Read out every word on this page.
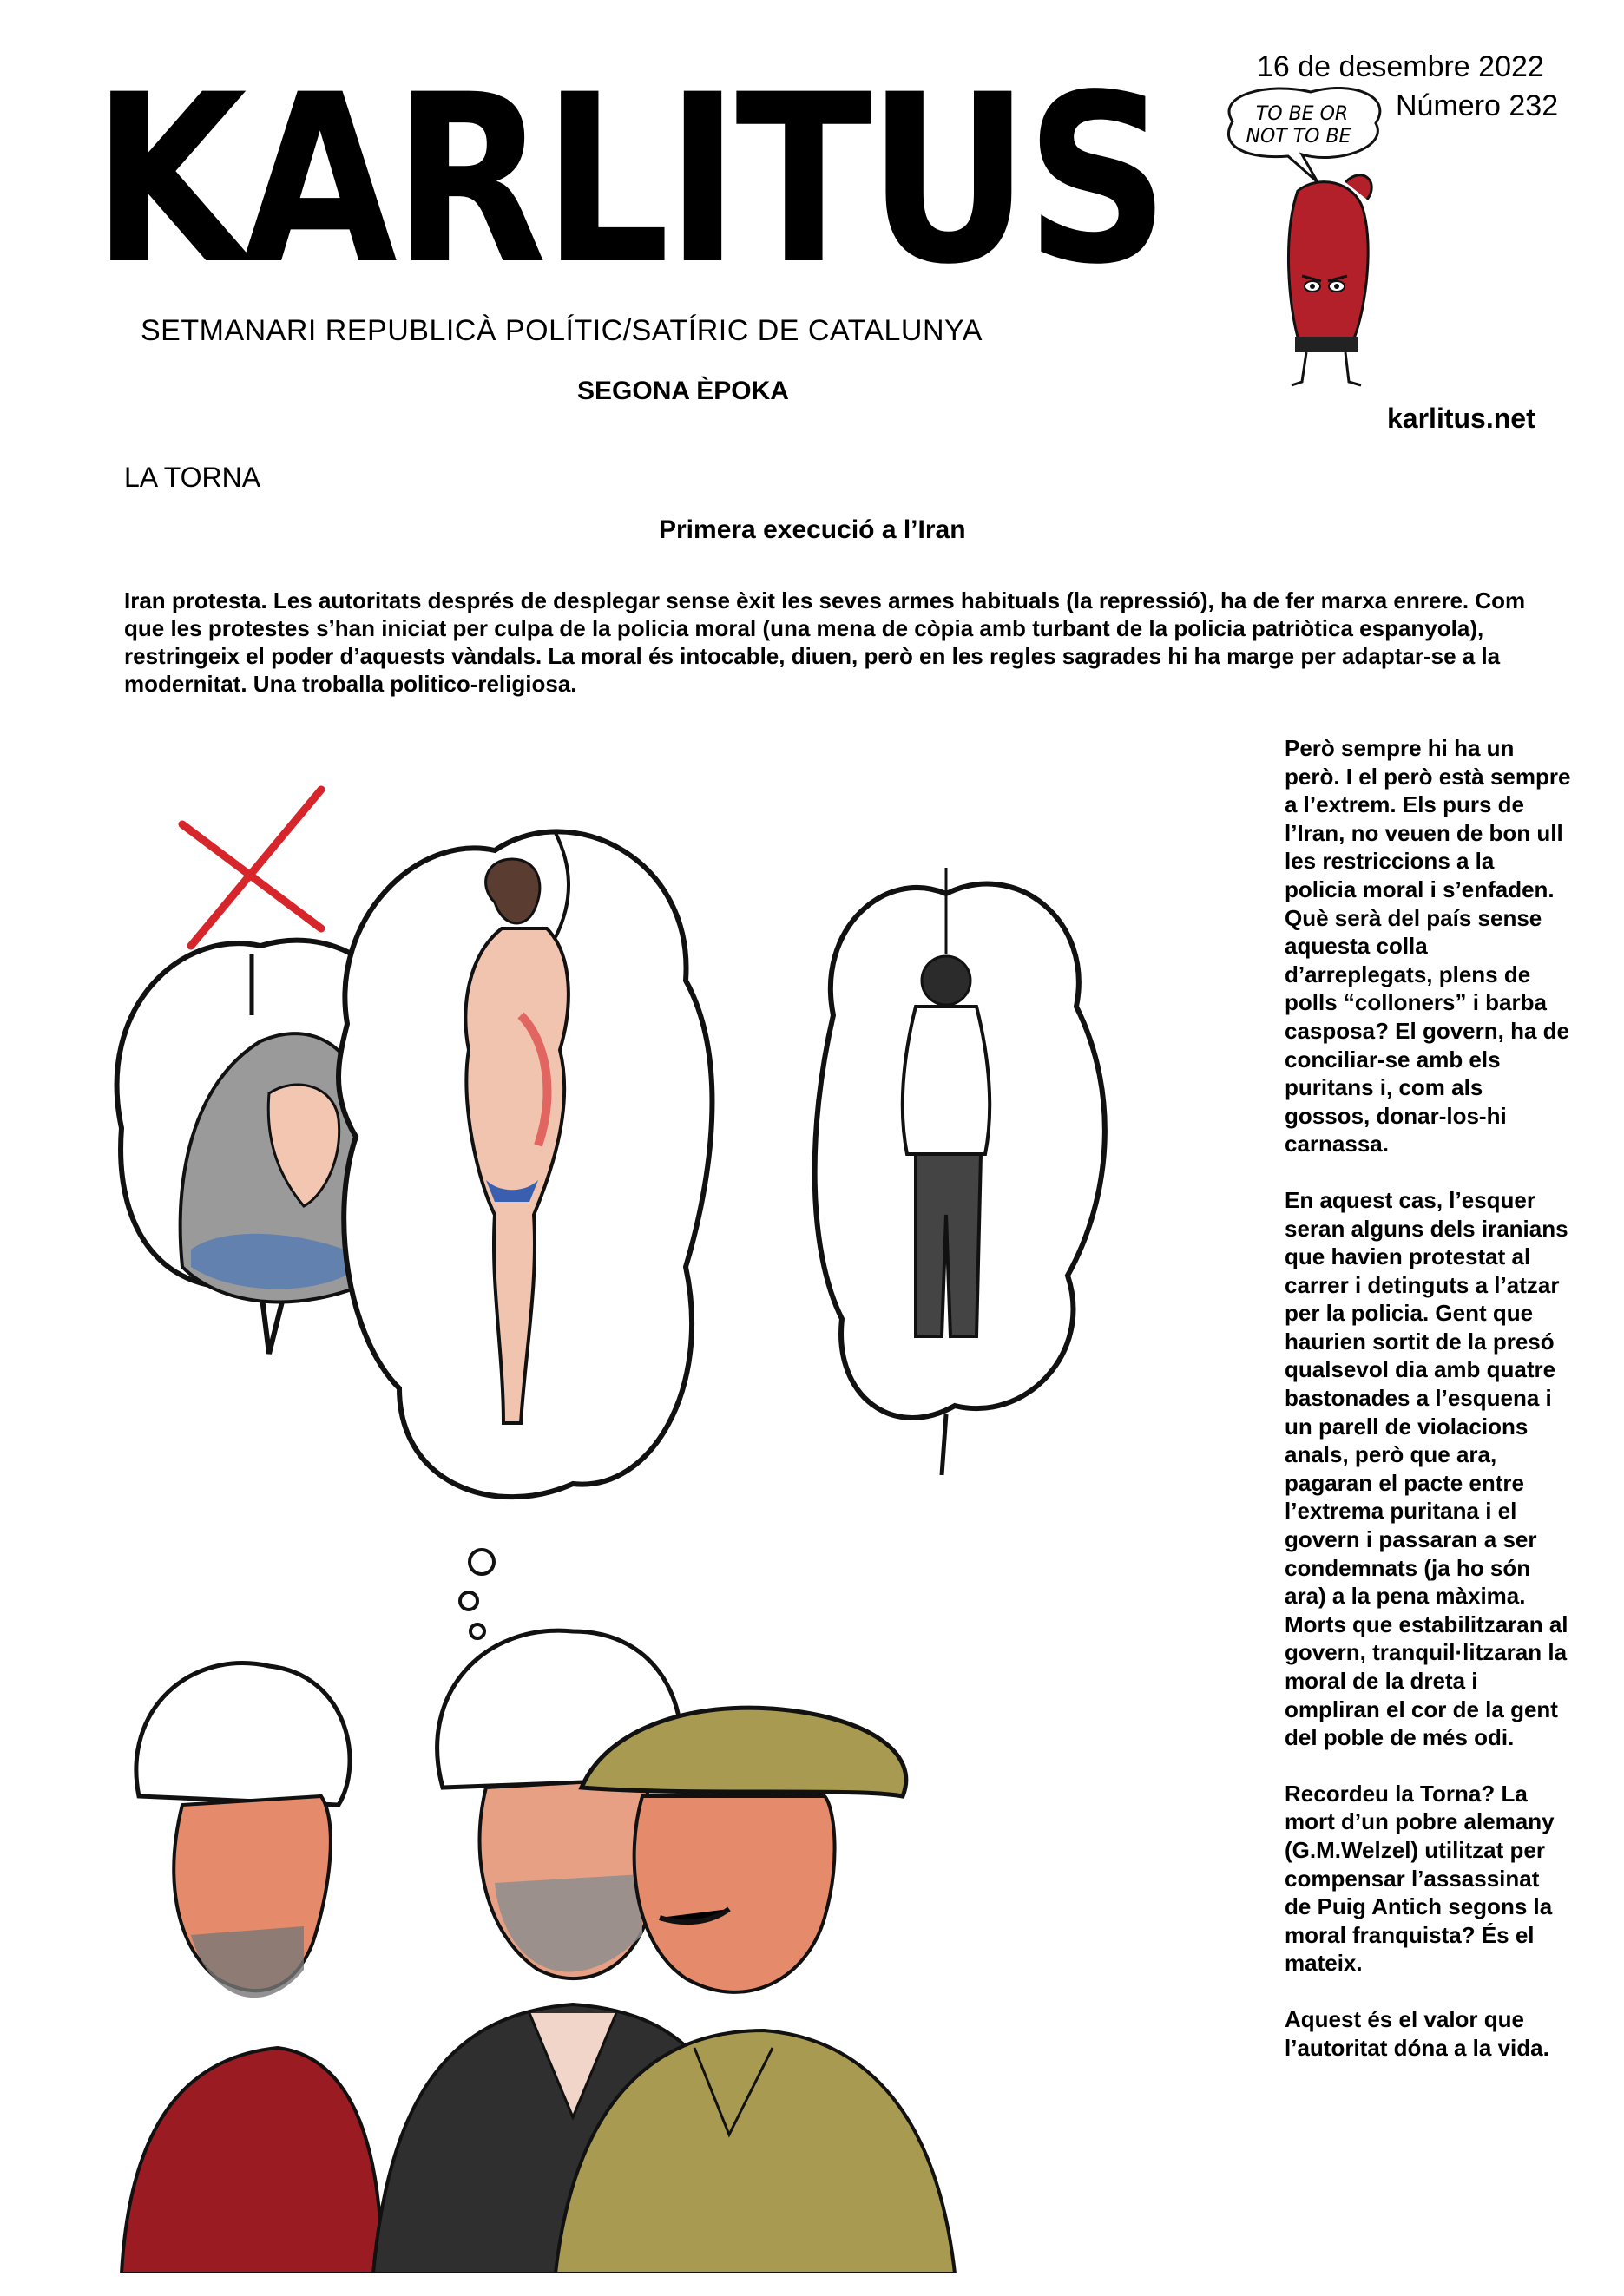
KARLITUS
SETMANARI REPUBLICÀ POLÍTIC/SATÍRIC DE CATALUNYA
SEGONA ÈPOKA
16 de desembre 2022
Número 232
karlitus.net
TO BE OR
NOT TO BE
LA TORNA
Primera execució a l’Iran
Iran protesta. Les autoritats després de desplegar sense èxit les seves armes habituals (la repressió), ha de fer marxa enrere. Com que les protestes s’han iniciat per culpa de la policia moral (una mena de còpia amb turbant de la policia patriòtica espanyola), restringeix el poder d’aquests vàndals. La moral és intocable, diuen, però en les regles sagrades hi ha marge per adaptar-se a la modernitat. Una troballa politico-religiosa.

Però sempre hi ha un però. I el però està sempre a l’extrem. Els purs de l’Iran, no veuen de bon ull les restriccions a la policia moral i s’enfaden. Què serà del país sense aquesta colla d’arreplegats, plens de polls “colloners” i barba casposa? El govern, ha de conciliar-se amb els puritans i, com als gossos, donar-los-hi carnassa.

En aquest cas, l’esquer seran alguns dels iranians que havien protestat al carrer i detinguts a l’atzar per la policia. Gent que haurien sortit de la presó qualsevol dia amb quatre bastonades a l’esquena i un parell de violacions anals, però que ara, pagaran el pacte entre l’extrema puritana i el govern i passaran a ser condemnats (ja ho són ara) a la pena màxima. Morts que estabilitzaran al govern, tranquil·litzaran la moral de la dreta i ompliran el cor de la gent del poble de més odi.

Recordeu la Torna? La mort d’un pobre alemany (G.M.Welzel) utilitzat per compensar l’assassinat de Puig Antich segons la moral franquista? És el mateix.

Aquest és el valor que l’autoritat dóna a la vida.
